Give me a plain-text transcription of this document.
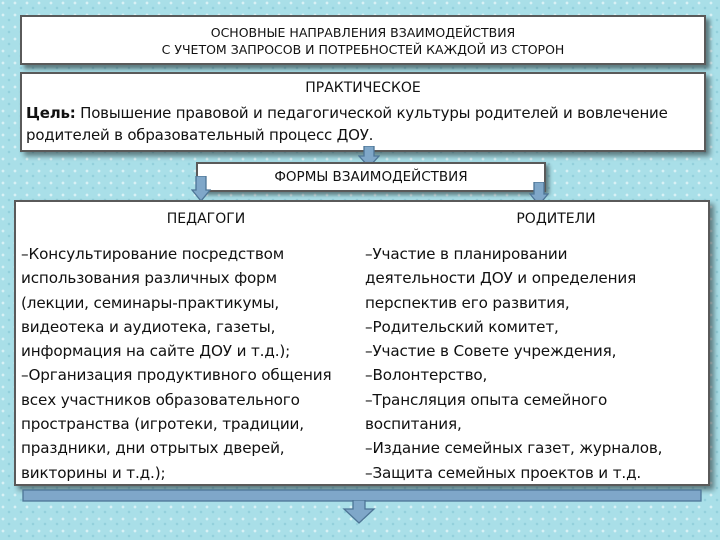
ОСНОВНЫЕ НАПРАВЛЕНИЯ ВЗАИМОДЕЙСТВИЯ
С УЧЕТОМ ЗАПРОСОВ И ПОТРЕБНОСТЕЙ КАЖДОЙ ИЗ СТОРОН
ПРАКТИЧЕСКОЕ
Цель: Повышение правовой и педагогической культуры родителей и вовлечение родителей в образовательный процесс ДОУ.
ФОРМЫ ВЗАИМОДЕЙСТВИЯ
ПЕДАГОГИ	РОДИТЕЛИ
–Консультирование посредством
использования различных форм
(лекции, семинары-практикумы,
видеотека и аудиотека, газеты,
информация на сайте ДОУ и т.д.);
–Организация продуктивного общения
всех участников образовательного
пространства (игротеки, традиции,
праздники, дни отрытых дверей,
викторины и т.д.);
–Участие в планировании
деятельности ДОУ и определения
перспектив его развития,
–Родительский комитет,
–Участие в Совете учреждения,
–Волонтерство,
–Трансляция опыта семейного
воспитания,
–Издание семейных газет, журналов,
–Защита семейных проектов и т.д.
